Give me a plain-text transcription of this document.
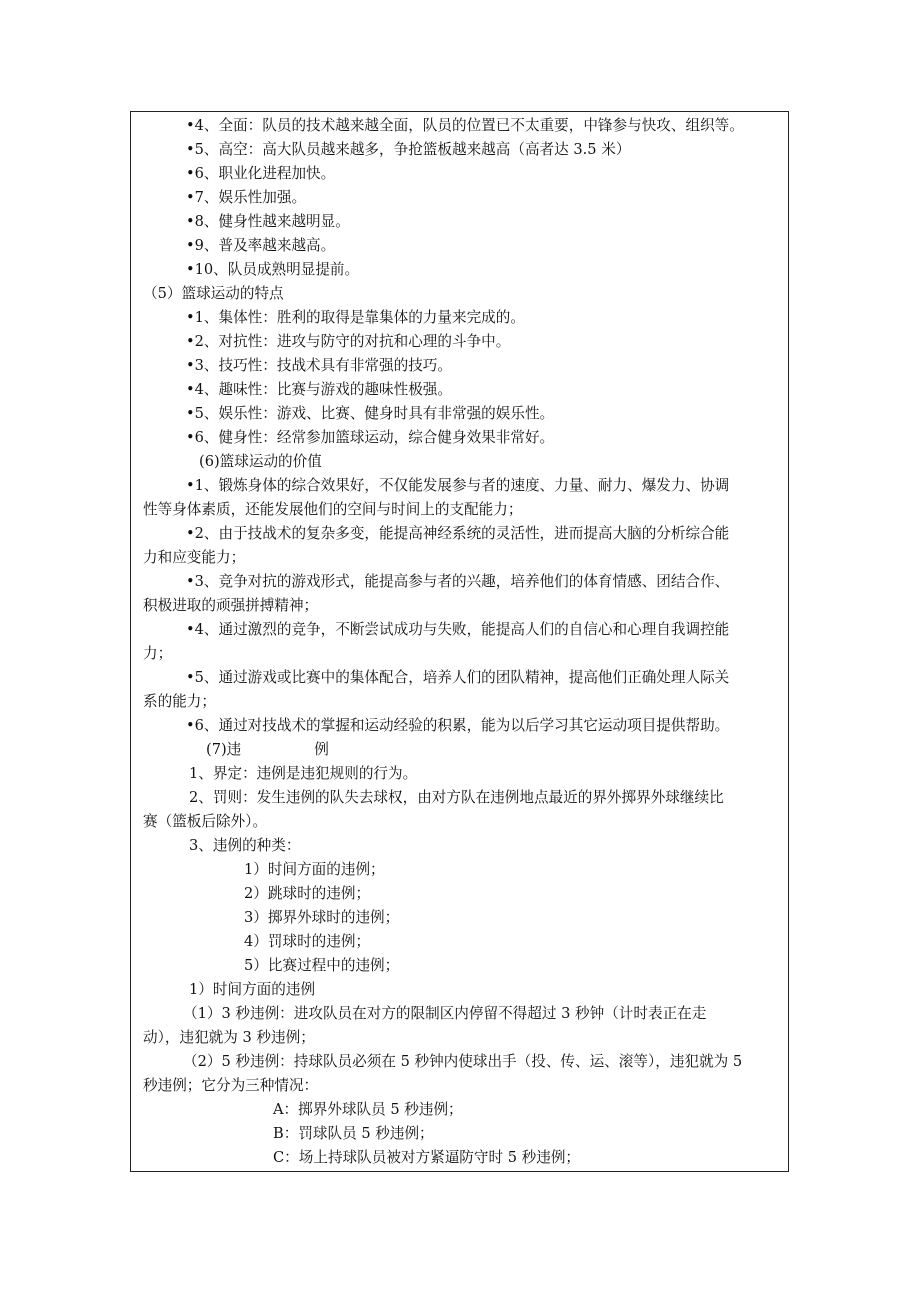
•4、全面：队员的技术越来越全面，队员的位置已不太重要，中锋参与快攻、组织等。
•5、高空：高大队员越来越多，争抢篮板越来越高（高者达 3.5 米）
•6、职业化进程加快。
•7、娱乐性加强。
•8、健身性越来越明显。
•9、普及率越来越高。
•10、队员成熟明显提前。
（5）篮球运动的特点
•1、集体性：胜利的取得是靠集体的力量来完成的。
•2、对抗性：进攻与防守的对抗和心理的斗争中。
•3、技巧性：技战术具有非常强的技巧。
•4、趣味性：比赛与游戏的趣味性极强。
•5、娱乐性：游戏、比赛、健身时具有非常强的娱乐性。
•6、健身性：经常参加篮球运动，综合健身效果非常好。
(6)篮球运动的价值
•1、锻炼身体的综合效果好，不仅能发展参与者的速度、力量、耐力、爆发力、协调
性等身体素质，还能发展他们的空间与时间上的支配能力；
•2、由于技战术的复杂多变，能提高神经系统的灵活性，进而提高大脑的分析综合能
力和应变能力；
•3、竞争对抗的游戏形式，能提高参与者的兴趣，培养他们的体育情感、团结合作、
积极进取的顽强拼搏精神；
•4、通过激烈的竞争，不断尝试成功与失败，能提高人们的自信心和心理自我调控能
力；
•5、通过游戏或比赛中的集体配合，培养人们的团队精神，提高他们正确处理人际关
系的能力；
•6、通过对技战术的掌握和运动经验的积累，能为以后学习其它运动项目提供帮助。
(7)违　　　　　例
1、界定：违例是违犯规则的行为。
2、罚则：发生违例的队失去球权，由对方队在违例地点最近的界外掷界外球继续比
赛（篮板后除外）。
3、违例的种类：
1）时间方面的违例；
2）跳球时的违例；
3）掷界外球时的违例；
4）罚球时的违例；
5）比赛过程中的违例；
1）时间方面的违例
（1）3 秒违例：进攻队员在对方的限制区内停留不得超过 3 秒钟（计时表正在走
动），违犯就为 3 秒违例；
（2）5 秒违例：持球队员必须在 5 秒钟内使球出手（投、传、运、滚等），违犯就为 5
秒违例；它分为三种情况：
A：掷界外球队员 5 秒违例；
B：罚球队员 5 秒违例；
C：场上持球队员被对方紧逼防守时 5 秒违例；
